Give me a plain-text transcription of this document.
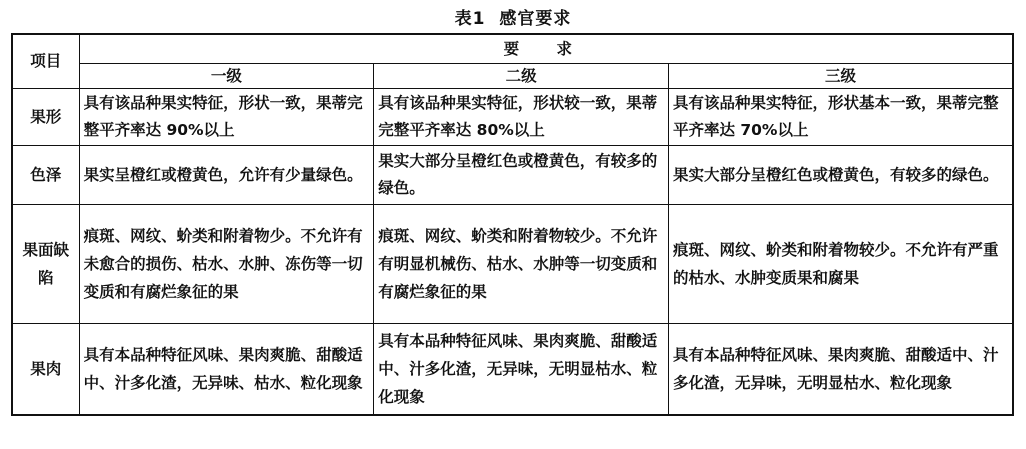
表1 感官要求
项目	要 求		
	一级	二级	三级
果形	具有该品种果实特征，形状一致，果蒂完整平齐率达 90%以上	具有该品种果实特征，形状较一致，果蒂完整平齐率达 80%以上	具有该品种果实特征，形状基本一致，果蒂完整平齐率达 70%以上
色泽	果实呈橙红或橙黄色，允许有少量绿色。	果实大部分呈橙红色或橙黄色，有较多的绿色。	果实大部分呈橙红色或橙黄色，有较多的绿色。
果面缺陷	痕斑、网纹、蚧类和附着物少。不允许有未愈合的损伤、枯水、水肿、冻伤等一切变质和有腐烂象征的果	痕斑、网纹、蚧类和附着物较少。不允许有明显机械伤、枯水、水肿等一切变质和有腐烂象征的果	痕斑、网纹、蚧类和附着物较少。不允许有严重的枯水、水肿变质果和腐果
果肉	具有本品种特征风味、果肉爽脆、甜酸适中、汁多化渣，无异味、枯水、粒化现象	具有本品种特征风味、果肉爽脆、甜酸适中、汁多化渣，无异味，无明显枯水、粒化现象	具有本品种特征风味、果肉爽脆、甜酸适中、汁多化渣，无异味，无明显枯水、粒化现象
